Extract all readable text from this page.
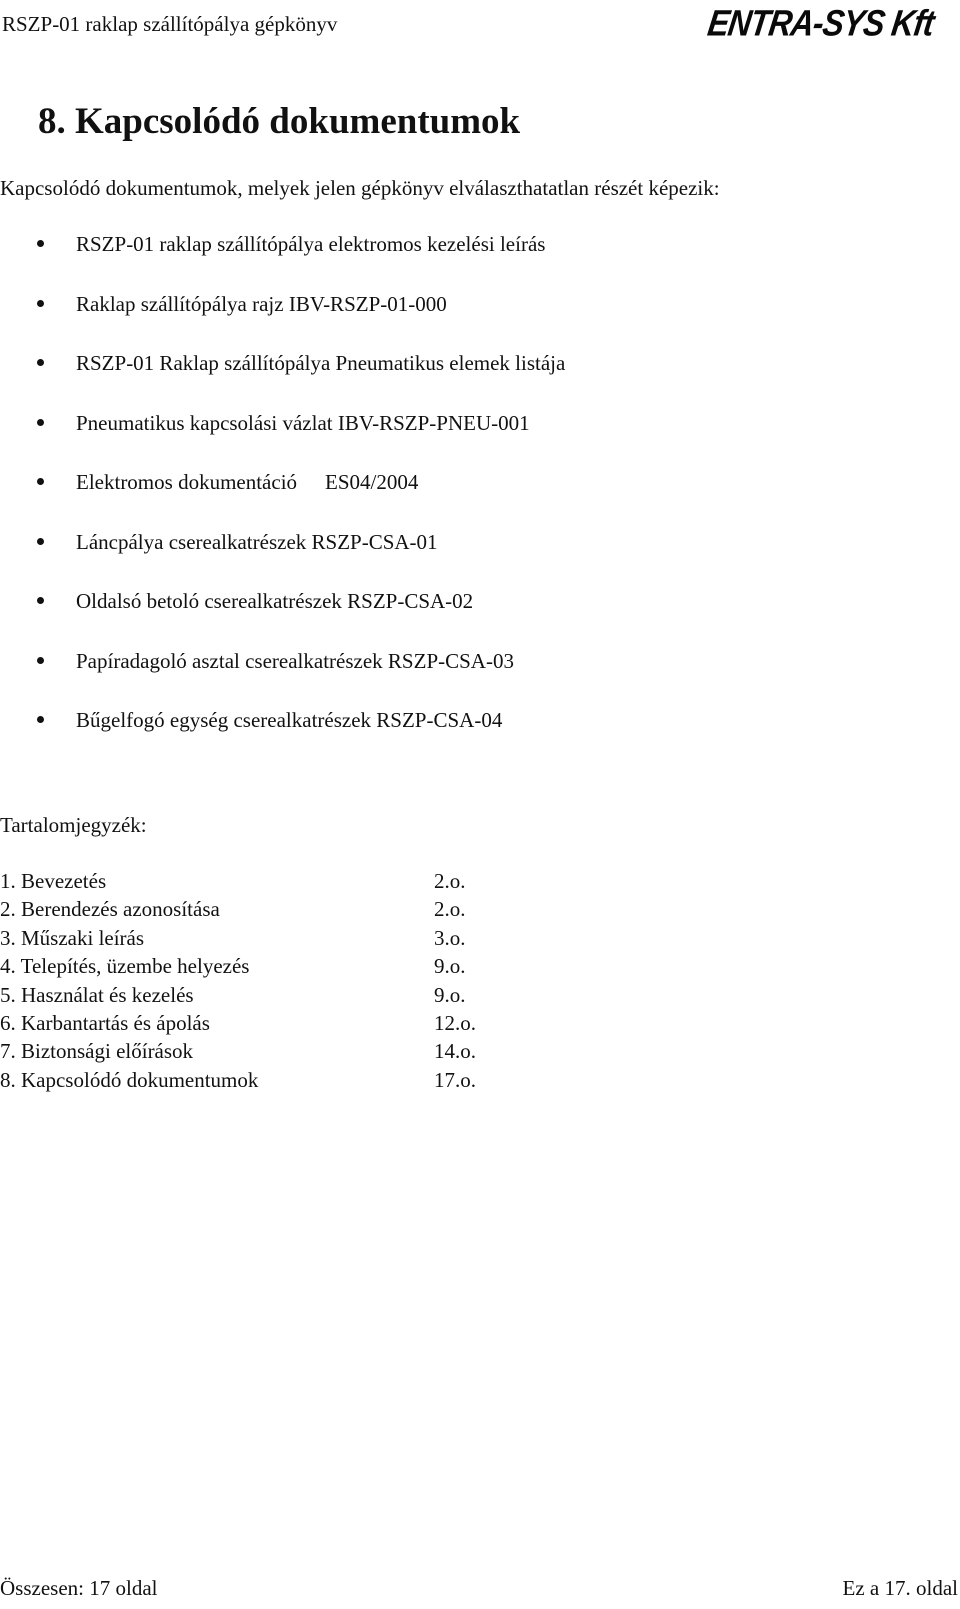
RSZP-01 raklap szállítópálya gépkönyv	ENTRA-SYS Kft
8. Kapcsolódó dokumentumok
Kapcsolódó dokumentumok, melyek jelen gépkönyv elválaszthatatlan részét képezik:
RSZP-01 raklap szállítópálya elektromos kezelési leírás
Raklap szállítópálya rajz IBV-RSZP-01-000
RSZP-01 Raklap szállítópálya Pneumatikus elemek listája
Pneumatikus kapcsolási vázlat IBV-RSZP-PNEU-001
Elektromos dokumentáció ES04/2004
Láncpálya cserealkatrészek RSZP-CSA-01
Oldalsó betoló cserealkatrészek RSZP-CSA-02
Papíradagoló asztal cserealkatrészek RSZP-CSA-03
Bűgelfogó egység cserealkatrészek RSZP-CSA-04
Tartalomjegyzék:
1. Bevezetés	2.o.
2. Berendezés azonosítása	2.o.
3. Műszaki leírás	3.o.
4. Telepítés, üzembe helyezés	9.o.
5. Használat és kezelés	9.o.
6. Karbantartás és ápolás	12.o.
7. Biztonsági előírások	14.o.
8. Kapcsolódó dokumentumok	17.o.
Összesen: 17 oldal	Ez a 17. oldal
